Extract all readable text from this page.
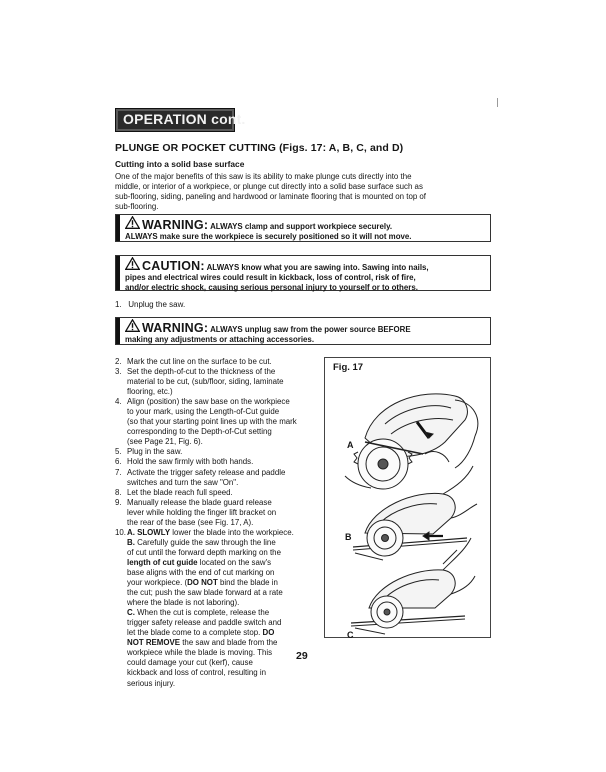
OPERATION cont.
PLUNGE OR POCKET CUTTING (Figs. 17: A, B, C, and D)
Cutting into a solid base surface
One of the major benefits of this saw is its ability to make plunge cuts directly into the
middle, or interior of a workpiece, or plunge cut directly into a solid base surface such as
sub-flooring, siding, paneling and hardwood or laminate flooring that is mounted on top of
sub-flooring.
WARNING: ALWAYS clamp and support workpiece securely.
ALWAYS make sure the workpiece is securely positioned so it will not move.
CAUTION: ALWAYS know what you are sawing into. Sawing into nails,
pipes and electrical wires could result in kickback, loss of control, risk of fire,
and/or electric shock, causing serious personal injury to yourself or to others.
1. Unplug the saw.
WARNING: ALWAYS unplug saw from the power source BEFORE
making any adjustments or attaching accessories.
2. Mark the cut line on the surface to be cut.
3. Set the depth-of-cut to the thickness of the
material to be cut, (sub/floor, siding, laminate
flooring, etc.)
4. Align (position) the saw base on the workpiece
to your mark, using the Length-of-Cut guide
(so that your starting point lines up with the mark
corresponding to the Depth-of-Cut setting
(see Page 21, Fig. 6).
5. Plug in the saw.
6. Hold the saw firmly with both hands.
7. Activate the trigger safety release and paddle
switches and turn the saw "On".
8. Let the blade reach full speed.
9. Manually release the blade guard release
lever while holding the finger lift bracket on
the rear of the base (see Fig. 17, A).
10. A. SLOWLY lower the blade into the workpiece.
B. Carefully guide the saw through the line
of cut until the forward depth marking on the
length of cut guide located on the saw's
base aligns with the end of cut marking on
your workpiece. (DO NOT bind the blade in
the cut; push the saw blade forward at a rate
where the blade is not laboring).
C. When the cut is complete, release the
trigger safety release and paddle switch and
let the blade come to a complete stop. DO
NOT REMOVE the saw and blade from the
workpiece while the blade is moving. This
could damage your cut (kerf), cause
kickback and loss of control, resulting in
serious injury.
Fig. 17
A
B
C
29
